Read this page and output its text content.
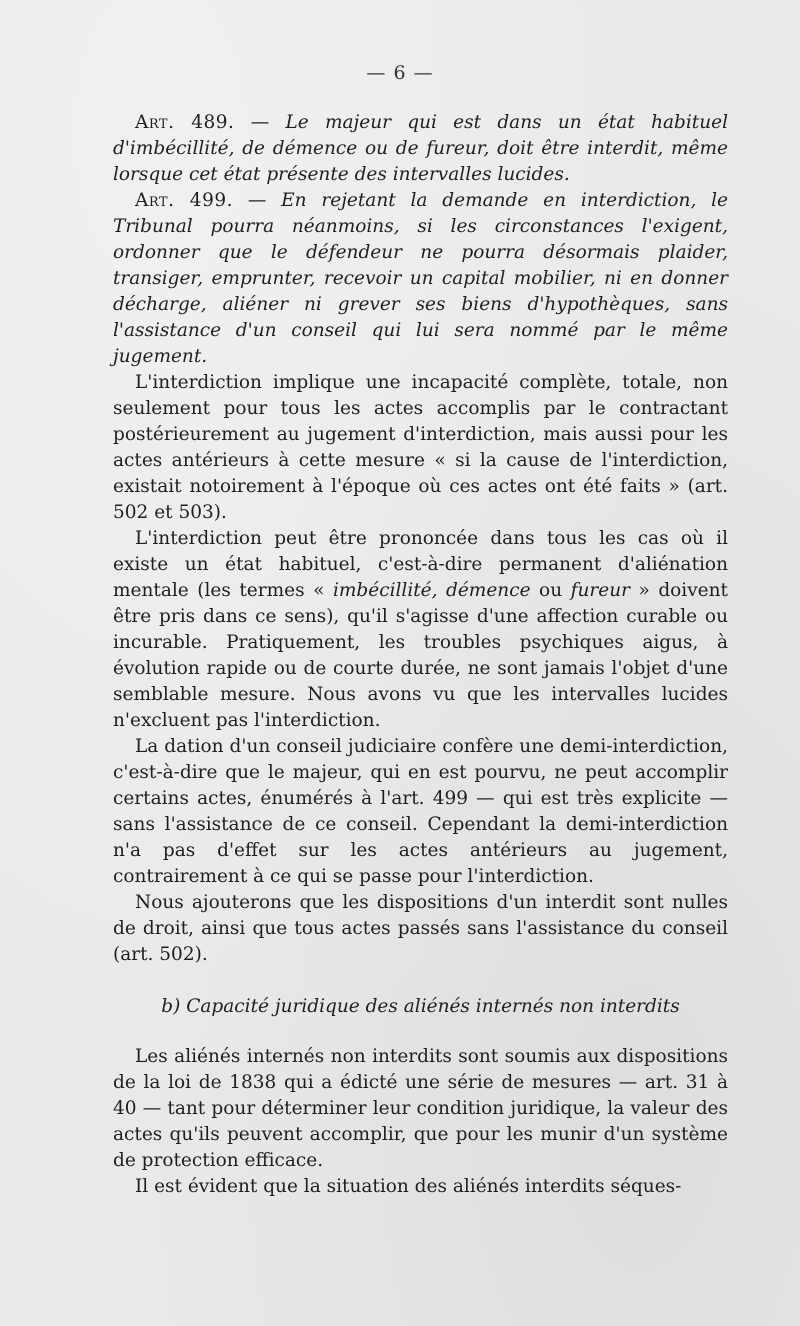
— 6 —

Art. 489. — Le majeur qui est dans un état habituel d'imbécillité, de démence ou de fureur, doit être interdit, même lorsque cet état présente des intervalles lucides.

Art. 499. — En rejetant la demande en interdiction, le Tribunal pourra néanmoins, si les circonstances l'exigent, ordonner que le défendeur ne pourra désormais plaider, transiger, emprunter, recevoir un capital mobilier, ni en donner décharge, aliéner ni grever ses biens d'hypothèques, sans l'assistance d'un conseil qui lui sera nommé par le même jugement.

L'interdiction implique une incapacité complète, totale, non seulement pour tous les actes accomplis par le contractant postérieurement au jugement d'interdiction, mais aussi pour les actes antérieurs à cette mesure « si la cause de l'interdiction, existait notoirement à l'époque où ces actes ont été faits » (art. 502 et 503).

L'interdiction peut être prononcée dans tous les cas où il existe un état habituel, c'est-à-dire permanent d'aliénation mentale (les termes « imbécillité, démence ou fureur » doivent être pris dans ce sens), qu'il s'agisse d'une affection curable ou incurable. Pratiquement, les troubles psychiques aigus, à évolution rapide ou de courte durée, ne sont jamais l'objet d'une semblable mesure. Nous avons vu que les intervalles lucides n'excluent pas l'interdiction.

La dation d'un conseil judiciaire confère une demi-interdiction, c'est-à-dire que le majeur, qui en est pourvu, ne peut accomplir certains actes, énumérés à l'art. 499 — qui est très explicite — sans l'assistance de ce conseil. Cependant la demi-interdiction n'a pas d'effet sur les actes antérieurs au jugement, contrairement à ce qui se passe pour l'interdiction.

Nous ajouterons que les dispositions d'un interdit sont nulles de droit, ainsi que tous actes passés sans l'assistance du conseil (art. 502).

b) Capacité juridique des aliénés internés non interdits

Les aliénés internés non interdits sont soumis aux dispositions de la loi de 1838 qui a édicté une série de mesures — art. 31 à 40 — tant pour déterminer leur condition juridique, la valeur des actes qu'ils peuvent accomplir, que pour les munir d'un système de protection efficace.

Il est évident que la situation des aliénés interdits séques-
